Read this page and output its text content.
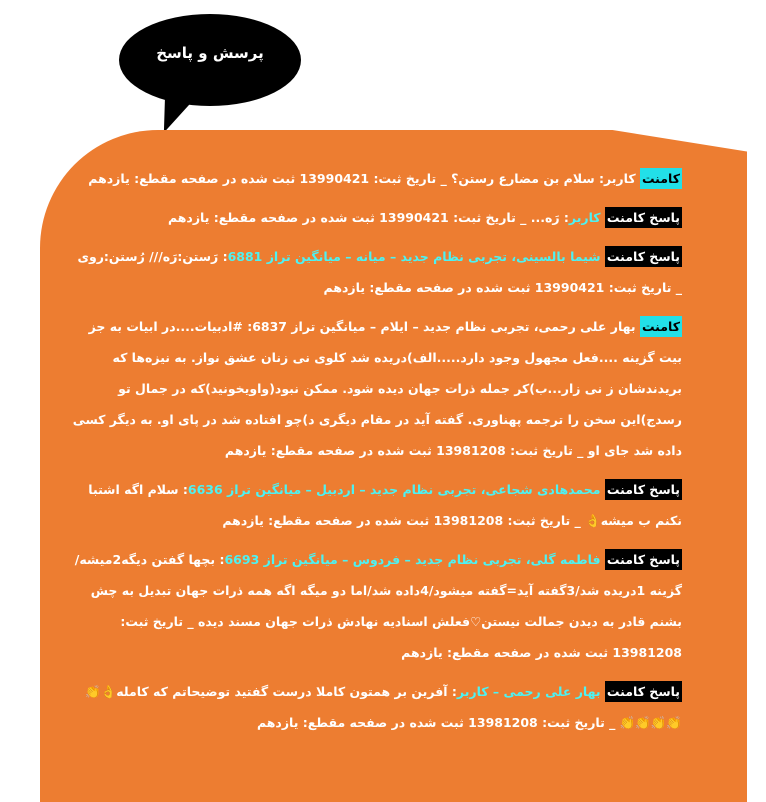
پرسش و پاسخ
کامنت کاربر: سلام بن مضارع رستن؟ _ تاریخ ثبت: 13990421 ثبت شده در صفحه مقطع: یازدهم
پاسخ کامنت کاربر: رَه... _ تاریخ ثبت: 13990421 ثبت شده در صفحه مقطع: یازدهم
پاسخ کامنت شیما بالسینی، تجربی نظام جدید – میانه – میانگین تراز 6881: رَستن:رَه/// رُستن:روی _ تاریخ ثبت: 13990421 ثبت شده در صفحه مقطع: یازدهم
کامنت بهار علی رحمی، تجربی نظام جدید – ایلام – میانگین تراز 6837: #ادبیات....در ابیات به جز بیت گزینه ....فعل مجهول وجود دارد.....الف)دریده شد کلوی نی زنان عشق نواز. به نیزه‌ها که بریدندشان ز نی زار...ب)کر جمله ذرات جهان دیده شود. ممکن نبود(واویخونید)که در جمال تو رسدج)این سخن را ترجمه پهناوری. گفته آید در مقام دیگری د)چو افتاده شد در پای او. به دیگر کسی داده شد جای او _ تاریخ ثبت: 13981208 ثبت شده در صفحه مقطع: یازدهم
پاسخ کامنت محمدهادی شجاعی، تجربی نظام جدید – اردبیل – میانگین تراز 6636: سلام اگه اشتبا نکنم ب میشه👌 _ تاریخ ثبت: 13981208 ثبت شده در صفحه مقطع: یازدهم
پاسخ کامنت فاطمه گلی، تجربی نظام جدید – فردوس – میانگین تراز 6693: بچها گفتن دیگه2میشه/گزینه 1دریده شد/3گفته آید=گفته میشود/4داده شد/اما دو میگه اگه همه ذرات جهان تبدیل به چش بشنم قادر به دیدن جمالت نیستن♡فعلش اسنادیه نهادش ذرات جهان مسند دیده _ تاریخ ثبت: 13981208 ثبت شده در صفحه مقطع: یازدهم
پاسخ کامنت بهار علی رحمی – کاربر: آفرین بر همتون کاملا درست گفتید توضیحاتم که کامله👌👏👏👏👏👏 _ تاریخ ثبت: 13981208 ثبت شده در صفحه مقطع: یازدهم
